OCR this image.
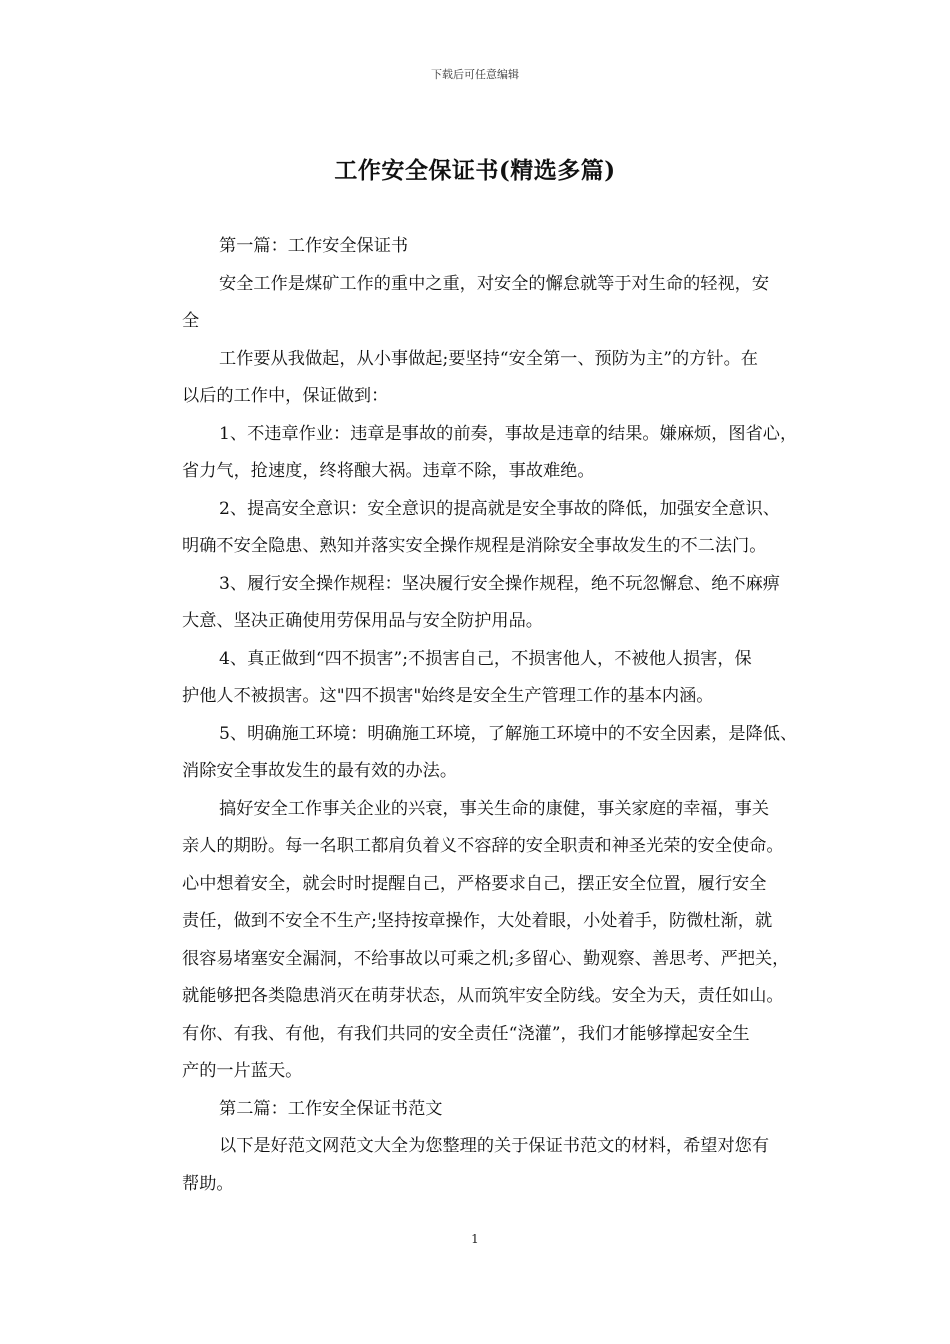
下载后可任意编辑
工作安全保证书(精选多篇)
第一篇：工作安全保证书
安全工作是煤矿工作的重中之重，对安全的懈怠就等于对生命的轻视，安
全
工作要从我做起，从小事做起;要坚持“安全第一、预防为主”的方针。在
以后的工作中，保证做到：
1、不违章作业：违章是事故的前奏，事故是违章的结果。嫌麻烦，图省心，
省力气，抢速度，终将酿大祸。违章不除，事故难绝。
2、提高安全意识：安全意识的提高就是安全事故的降低，加强安全意识、
明确不安全隐患、熟知并落实安全操作规程是消除安全事故发生的不二法门。
3、履行安全操作规程：坚决履行安全操作规程，绝不玩忽懈怠、绝不麻痹
大意、坚决正确使用劳保用品与安全防护用品。
4、真正做到“四不损害”;不损害自己，不损害他人，不被他人损害，保
护他人不被损害。这"四不损害"始终是安全生产管理工作的基本内涵。
5、明确施工环境：明确施工环境，了解施工环境中的不安全因素，是降低、
消除安全事故发生的最有效的办法。
搞好安全工作事关企业的兴衰，事关生命的康健，事关家庭的幸福，事关
亲人的期盼。每一名职工都肩负着义不容辞的安全职责和神圣光荣的安全使命。
心中想着安全，就会时时提醒自己，严格要求自己，摆正安全位置，履行安全
责任，做到不安全不生产;坚持按章操作，大处着眼，小处着手，防微杜渐，就
很容易堵塞安全漏洞，不给事故以可乘之机;多留心、勤观察、善思考、严把关，
就能够把各类隐患消灭在萌芽状态，从而筑牢安全防线。安全为天，责任如山。
有你、有我、有他，有我们共同的安全责任“浇灌”，我们才能够撑起安全生
产的一片蓝天。
第二篇：工作安全保证书范文
以下是好范文网范文大全为您整理的关于保证书范文的材料，希望对您有
帮助。
1
